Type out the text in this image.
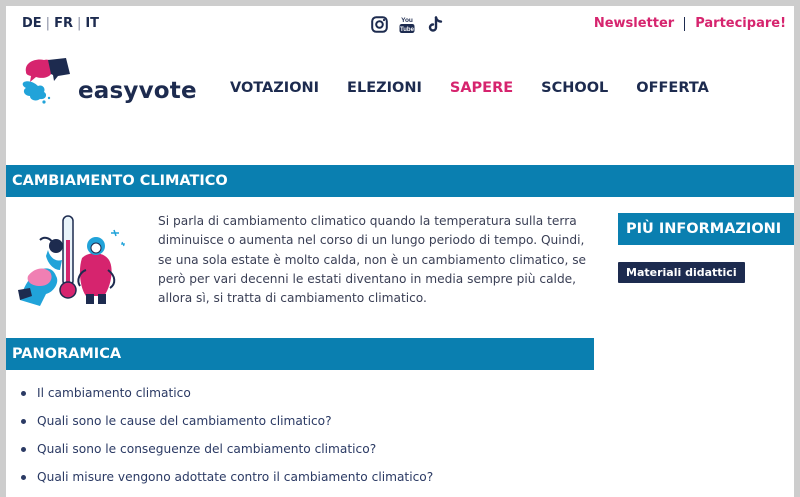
DE | FR | IT	You
Tube	Newsletter Partecipare!
easyvote VOTAZIONI ELEZIONI SAPERE SCHOOL OFFERTA
CAMBIAMENTO CLIMATICO
Si parla di cambiamento climatico quando la temperatura sulla terra diminuisce o aumenta nel corso di un lungo periodo di tempo. Quindi, se una sola estate è molto calda, non è un cambiamento climatico, se però per vari decenni le estati diventano in media sempre più calde, allora sì, si tratta di cambiamento climatico.
PIÙ INFORMAZIONI
Materiali didattici
PANORAMICA
Il cambiamento climatico
Quali sono le cause del cambiamento climatico?
Quali sono le conseguenze del cambiamento climatico?
Quali misure vengono adottate contro il cambiamento climatico?
